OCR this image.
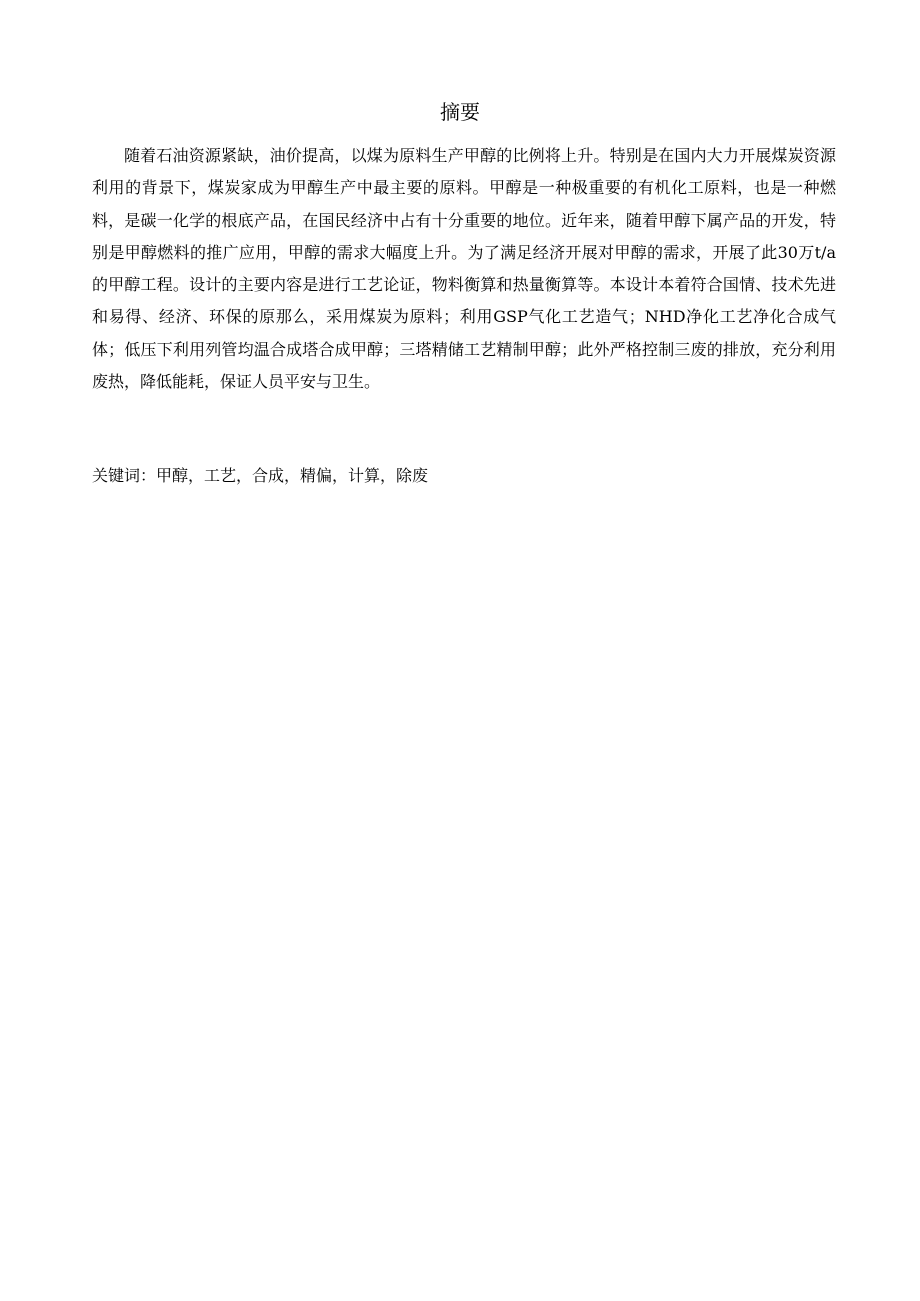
摘要

随着石油资源紧缺，油价提高，以煤为原料生产甲醇的比例将上升。特别是在国内大力开展煤炭资源利用的背景下，煤炭家成为甲醇生产中最主要的原料。甲醇是一种极重要的有机化工原料，也是一种燃料，是碳一化学的根底产品，在国民经济中占有十分重要的地位。近年来，随着甲醇下属产品的开发，特别是甲醇燃料的推广应用，甲醇的需求大幅度上升。为了满足经济开展对甲醇的需求，开展了此30万t/a的甲醇工程。设计的主要内容是进行工艺论证，物料衡算和热量衡算等。本设计本着符合国情、技术先进和易得、经济、环保的原那么，采用煤炭为原料；利用GSP气化工艺造气；NHD净化工艺净化合成气体；低压下利用列管均温合成塔合成甲醇；三塔精储工艺精制甲醇；此外严格控制三废的排放，充分利用废热，降低能耗，保证人员平安与卫生。

关键词：甲醇，工艺，合成，精偏，计算，除废
